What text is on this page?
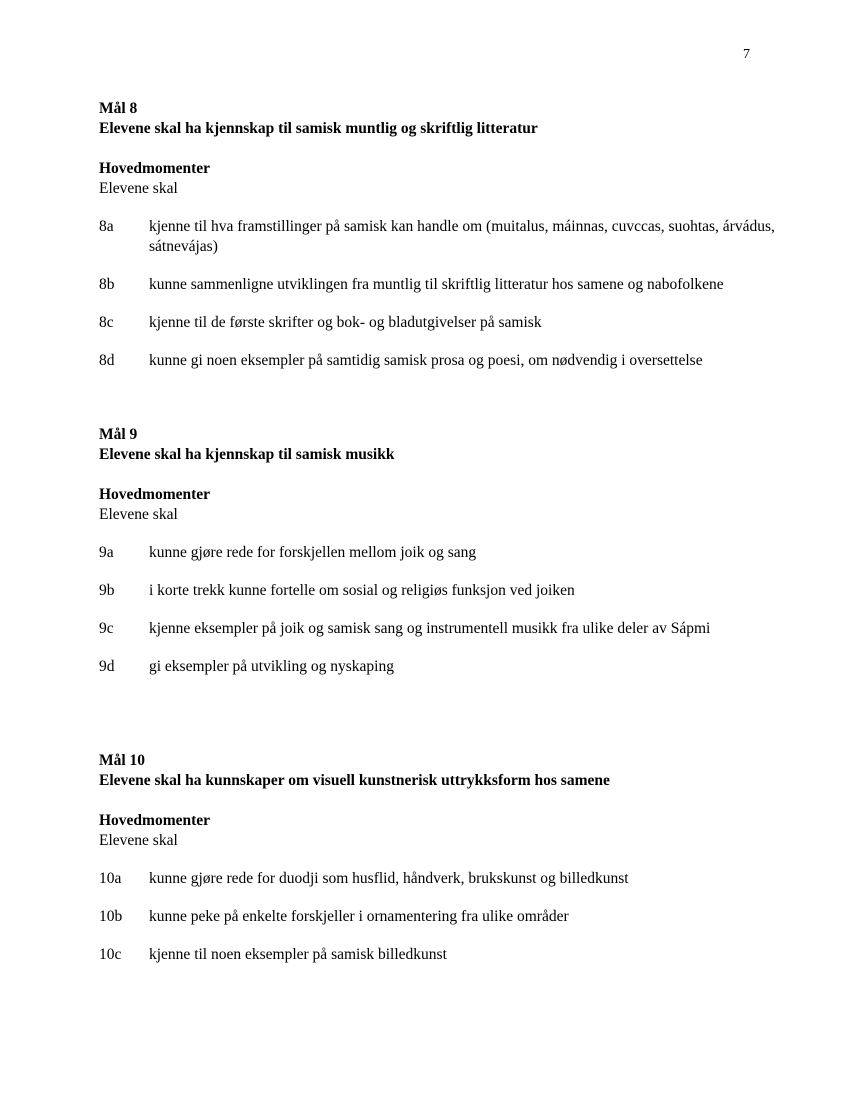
7

Mål 8

Elevene skal ha kjennskap til samisk muntlig og skriftlig litteratur

Hovedmomenter

Elevene skal

8a	kjenne til hva framstillinger på samisk kan handle om (muitalus, máinnas, cuvccas, suohtas, árvádus, sátnevájas)
8b	kunne sammenligne utviklingen fra muntlig til skriftlig litteratur hos samene og nabofolkene
8c	kjenne til de første skrifter og bok- og bladutgivelser på samisk
8d	kunne gi noen eksempler på samtidig samisk prosa og poesi, om nødvendig i oversettelse

Mål 9

Elevene skal ha kjennskap til samisk musikk

Hovedmomenter

Elevene skal

9a	kunne gjøre rede for forskjellen mellom joik og sang
9b	i korte trekk kunne fortelle om sosial og religiøs funksjon ved joiken
9c	kjenne eksempler på joik og samisk sang og instrumentell musikk fra ulike deler av Sápmi
9d	gi eksempler på utvikling og nyskaping

Mål 10

Elevene skal ha kunnskaper om visuell kunstnerisk uttrykksform hos samene

Hovedmomenter

Elevene skal

10a	kunne gjøre rede for duodji som husflid, håndverk, brukskunst og billedkunst
10b	kunne peke på enkelte forskjeller i ornamentering fra ulike områder
10c	kjenne til noen eksempler på samisk billedkunst
